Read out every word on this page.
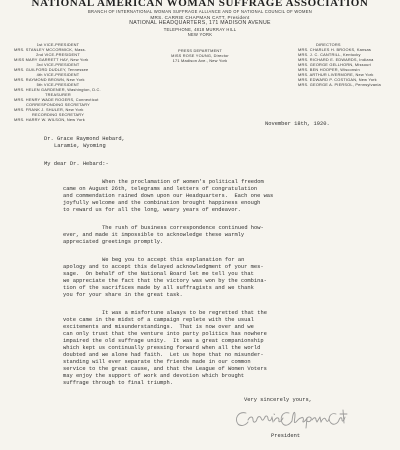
NATIONAL AMERICAN WOMAN SUFFRAGE ASSOCIATION
BRANCH OF INTERNATIONAL WOMAN SUFFRAGE ALLIANCE AND OF NATIONAL COUNCIL OF WOMEN
MRS. CARRIE CHAPMAN CATT, President
NATIONAL HEADQUARTERS, 171 MADISON AVENUE
TELEPHONE, 4818 MURRAY HILL
NEW YORK
1st VICE-PRESIDENT
MRS. STANLEY MCCORMICK, Mass.
2nd VICE-PRESIDENT
MISS MARY GARRETT HAY, New York
3rd VICE-PRESIDENT
MRS. GUILFORD DUDLEY, Tennessee
4th VICE-PRESIDENT
MRS. RAYMOND BROWN, New York
5th VICE-PRESIDENT
MRS. HELEN GARDENER, Washington, D.C.
TREASURER
MRS. HENRY WADE ROGERS, Connecticut
CORRESPONDING SECRETARY
MRS. FRANK J. SHULER, New York
RECORDING SECRETARY
MRS. HARRY W. WILSON, New York
PRESS DEPARTMENT
MISS ROSE YOUNG, Director
171 Madison Ave., New York
DIRECTORS
MRS. CHARLES H. BROOKS, Kansas
MRS. J. C. CANTRILL, Kentucky
MRS. RICHARD E. EDWARDS, Indiana
MRS. GEORGE GELLHORN, Missouri
MRS. BEN HOOPER, Wisconsin
MRS. ARTHUR LIVERMORE, New York
MRS. EDWARD P. COSTIGAN, New York
MRS. GEORGE A. PIERSOL, Pennsylvania
November 18th, 1920.
Dr. Grace Raymond Hebard,
Laramie, Wyoming
My dear Dr. Hebard:-
When the proclamation of women's political freedom
came on August 26th, telegrams and letters of congratulation
and commendation rained down upon our Headquarters.  Each one was
joyfully welcome and the combination brought happiness enough
to reward us for all the long, weary years of endeavor.
The rush of business correspondence continued how-
ever, and made it impossible to acknowledge these warmly
appreciated greetings promptly.
We beg you to accept this explanation for an
apology and to accept this delayed acknowledgment of your mes-
sage.  On behalf of the National Board let me tell you that
we appreciate the fact that the victory was won by the combina-
tion of the sacrifices made by all suffragists and we thank
you for your share in the great task.
It was a misfortune always to be regretted that the
vote came in the midst of a campaign replete with the usual
excitements and misunderstandings.  That is now over and we
can only trust that the venture into party politics has nowhere
impaired the old suffrage unity.  It was a great companionship
which kept us continually pressing forward when all the world
doubted and we alone had faith.  Let us hope that no misunder-
standing will ever separate the friends made in our common
service to the great cause, and that the League of Women Voters
may enjoy the support of work and devotion which brought
suffrage through to final triumph.
Very sincerely yours,
President
